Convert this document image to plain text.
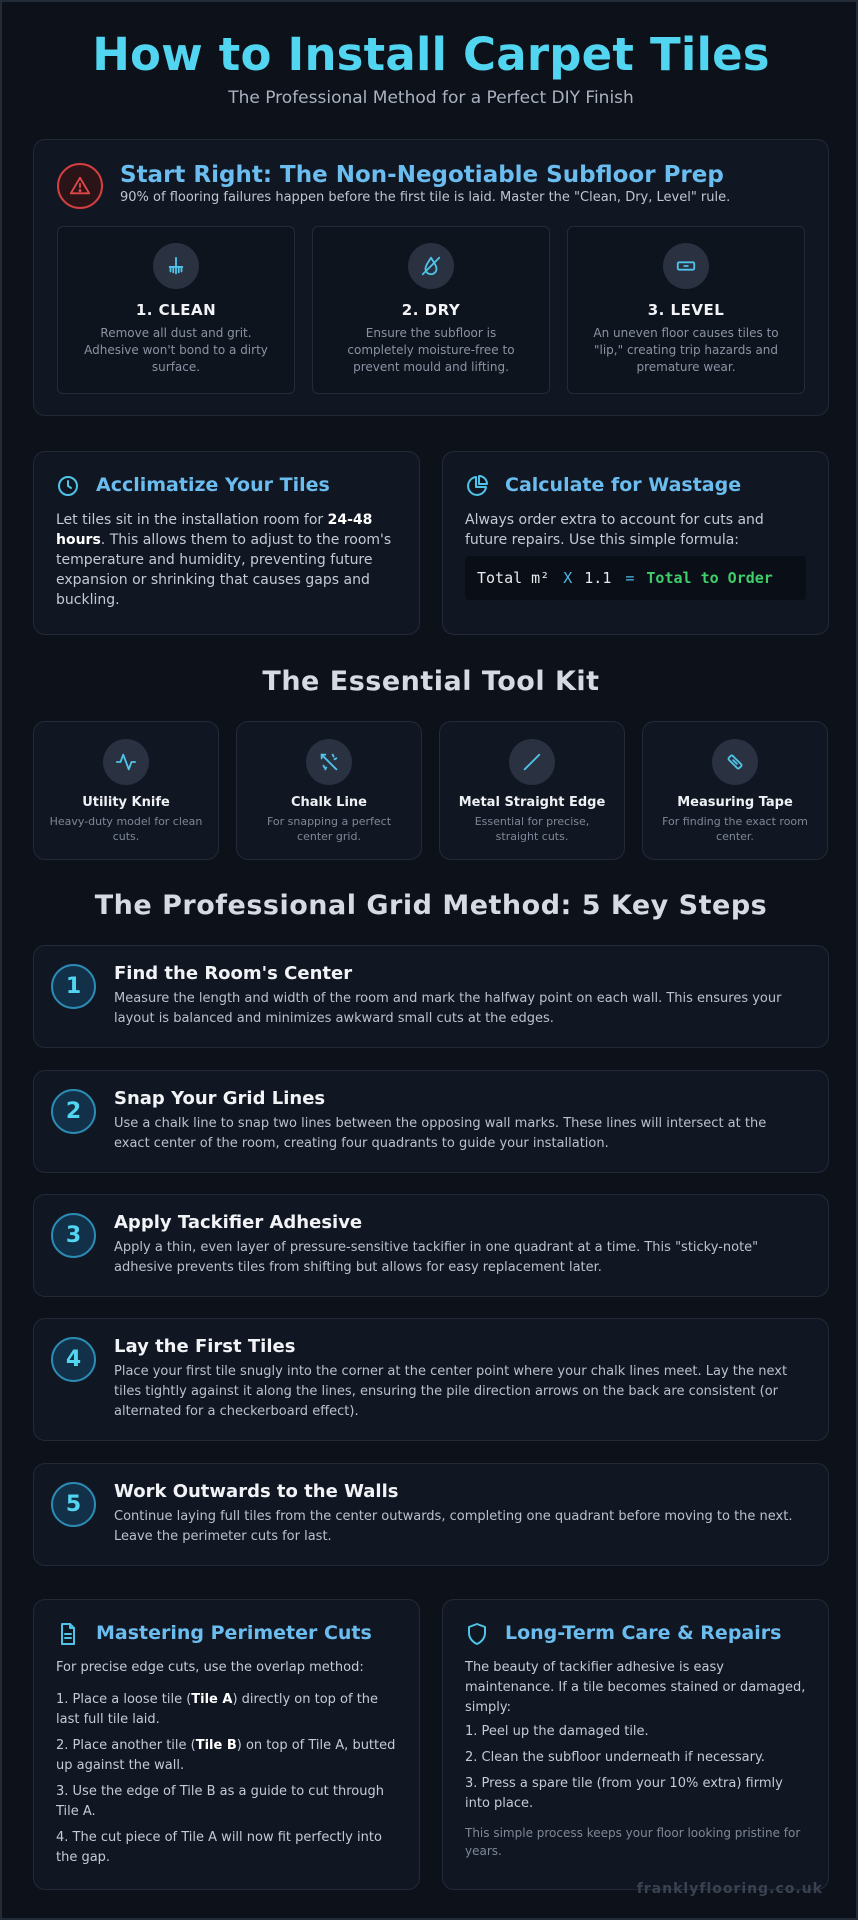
How to Install Carpet Tiles
The Professional Method for a Perfect DIY Finish
Start Right: The Non-Negotiable Subfloor Prep
90% of flooring failures happen before the first tile is laid. Master the "Clean, Dry, Level" rule.
1. CLEAN
Remove all dust and grit. Adhesive won't bond to a dirty surface.
2. DRY
Ensure the subfloor is completely moisture-free to prevent mould and lifting.
3. LEVEL
An uneven floor causes tiles to "lip," creating trip hazards and premature wear.
Acclimatize Your Tiles
Let tiles sit in the installation room for 24-48 hours. This allows them to adjust to the room's temperature and humidity, preventing future expansion or shrinking that causes gaps and buckling.
Calculate for Wastage
Always order extra to account for cuts and future repairs. Use this simple formula:
Total m² X 1.1 = Total to Order
The Essential Tool Kit
Utility Knife
Heavy-duty model for clean cuts.
Chalk Line
For snapping a perfect center grid.
Metal Straight Edge
Essential for precise, straight cuts.
Measuring Tape
For finding the exact room center.
The Professional Grid Method: 5 Key Steps
1
Find the Room's Center
Measure the length and width of the room and mark the halfway point on each wall. This ensures your layout is balanced and minimizes awkward small cuts at the edges.
2
Snap Your Grid Lines
Use a chalk line to snap two lines between the opposing wall marks. These lines will intersect at the exact center of the room, creating four quadrants to guide your installation.
3
Apply Tackifier Adhesive
Apply a thin, even layer of pressure-sensitive tackifier in one quadrant at a time. This "sticky-note" adhesive prevents tiles from shifting but allows for easy replacement later.
4
Lay the First Tiles
Place your first tile snugly into the corner at the center point where your chalk lines meet. Lay the next tiles tightly against it along the lines, ensuring the pile direction arrows on the back are consistent (or alternated for a checkerboard effect).
5
Work Outwards to the Walls
Continue laying full tiles from the center outwards, completing one quadrant before moving to the next. Leave the perimeter cuts for last.
Mastering Perimeter Cuts

For precise edge cuts, use the overlap method:

1. Place a loose tile (Tile A) directly on top of the last full tile laid.

2. Place another tile (Tile B) on top of Tile A, butted up against the wall.

3. Use the edge of Tile B as a guide to cut through Tile A.

4. The cut piece of Tile A will now fit perfectly into the gap.

Long-Term Care & Repairs

The beauty of tackifier adhesive is easy maintenance. If a tile becomes stained or damaged, simply:

1. Peel up the damaged tile.

2. Clean the subfloor underneath if necessary.

3. Press a spare tile (from your 10% extra) firmly into place.

This simple process keeps your floor looking pristine for years.
franklyflooring.co.uk
